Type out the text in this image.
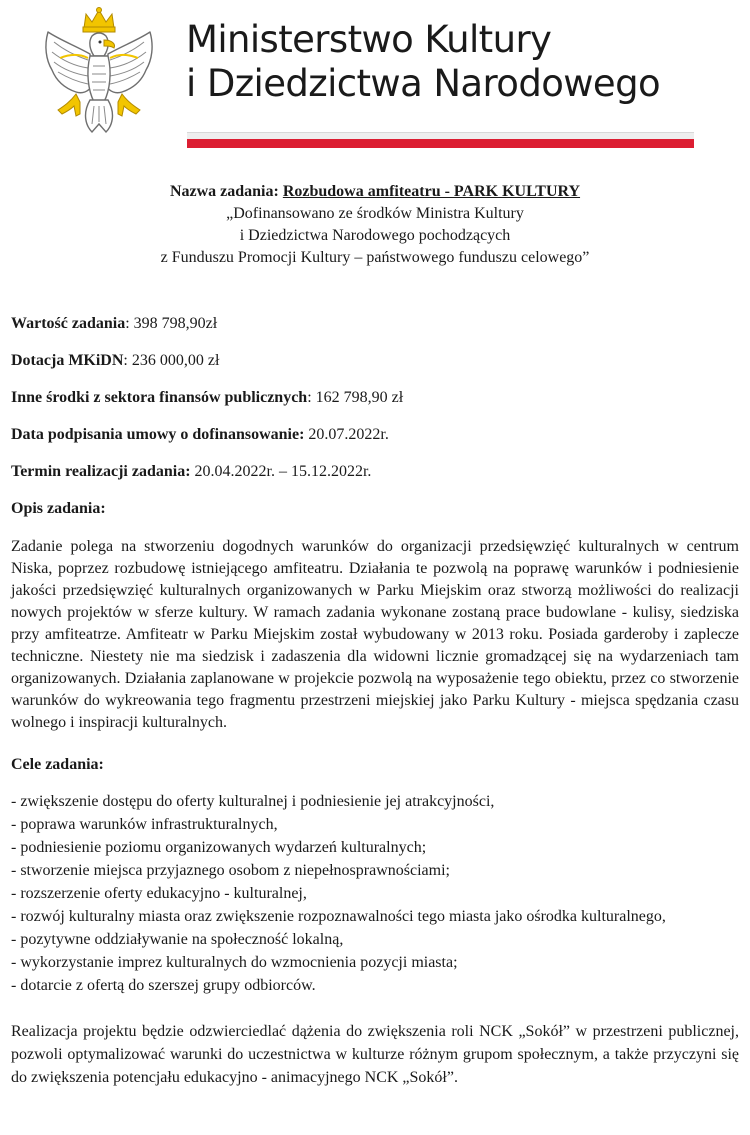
Ministerstwo Kultury
i Dziedzictwa Narodowego
Nazwa zadania: Rozbudowa amfiteatru - PARK KULTURY
„Dofinansowano ze środków Ministra Kultury
i Dziedzictwa Narodowego pochodzących
z Funduszu Promocji Kultury – państwowego funduszu celowego”

Wartość zadania: 398 798,90zł

Dotacja MKiDN: 236 000,00 zł

Inne środki z sektora finansów publicznych: 162 798,90 zł

Data podpisania umowy o dofinansowanie: 20.07.2022r.

Termin realizacji zadania: 20.04.2022r. – 15.12.2022r.

Opis zadania:

Zadanie polega na stworzeniu dogodnych warunków do organizacji przedsięwzięć kulturalnych w centrum Niska, poprzez rozbudowę istniejącego amfiteatru. Działania te pozwolą na poprawę warunków i podniesienie jakości przedsięwzięć kulturalnych organizowanych w Parku Miejskim oraz stworzą możliwości do realizacji nowych projektów w sferze kultury. W ramach zadania wykonane zostaną prace budowlane - kulisy, siedziska przy amfiteatrze. Amfiteatr w Parku Miejskim został wybudowany w 2013 roku. Posiada garderoby i zaplecze techniczne. Niestety nie ma siedzisk i zadaszenia dla widowni licznie gromadzącej się na wydarzeniach tam organizowanych. Działania zaplanowane w projekcie pozwolą na wyposażenie tego obiektu, przez co stworzenie warunków do wykreowania tego fragmentu przestrzeni miejskiej jako Parku Kultury - miejsca spędzania czasu wolnego i inspiracji kulturalnych.

Cele zadania:

- zwiększenie dostępu do oferty kulturalnej i podniesienie jej atrakcyjności,
- poprawa warunków infrastrukturalnych,
- podniesienie poziomu organizowanych wydarzeń kulturalnych;
- stworzenie miejsca przyjaznego osobom z niepełnosprawnościami;
- rozszerzenie oferty edukacyjno - kulturalnej,
- rozwój kulturalny miasta oraz zwiększenie rozpoznawalności tego miasta jako ośrodka kulturalnego,
- pozytywne oddziaływanie na społeczność lokalną,
- wykorzystanie imprez kulturalnych do wzmocnienia pozycji miasta;
- dotarcie z ofertą do szerszej grupy odbiorców.

Realizacja projektu będzie odzwierciedlać dążenia do zwiększenia roli NCK „Sokół” w przestrzeni publicznej, pozwoli optymalizować warunki do uczestnictwa w kulturze różnym grupom społecznym, a także przyczyni się do zwiększenia potencjału edukacyjno - animacyjnego NCK „Sokół”.
